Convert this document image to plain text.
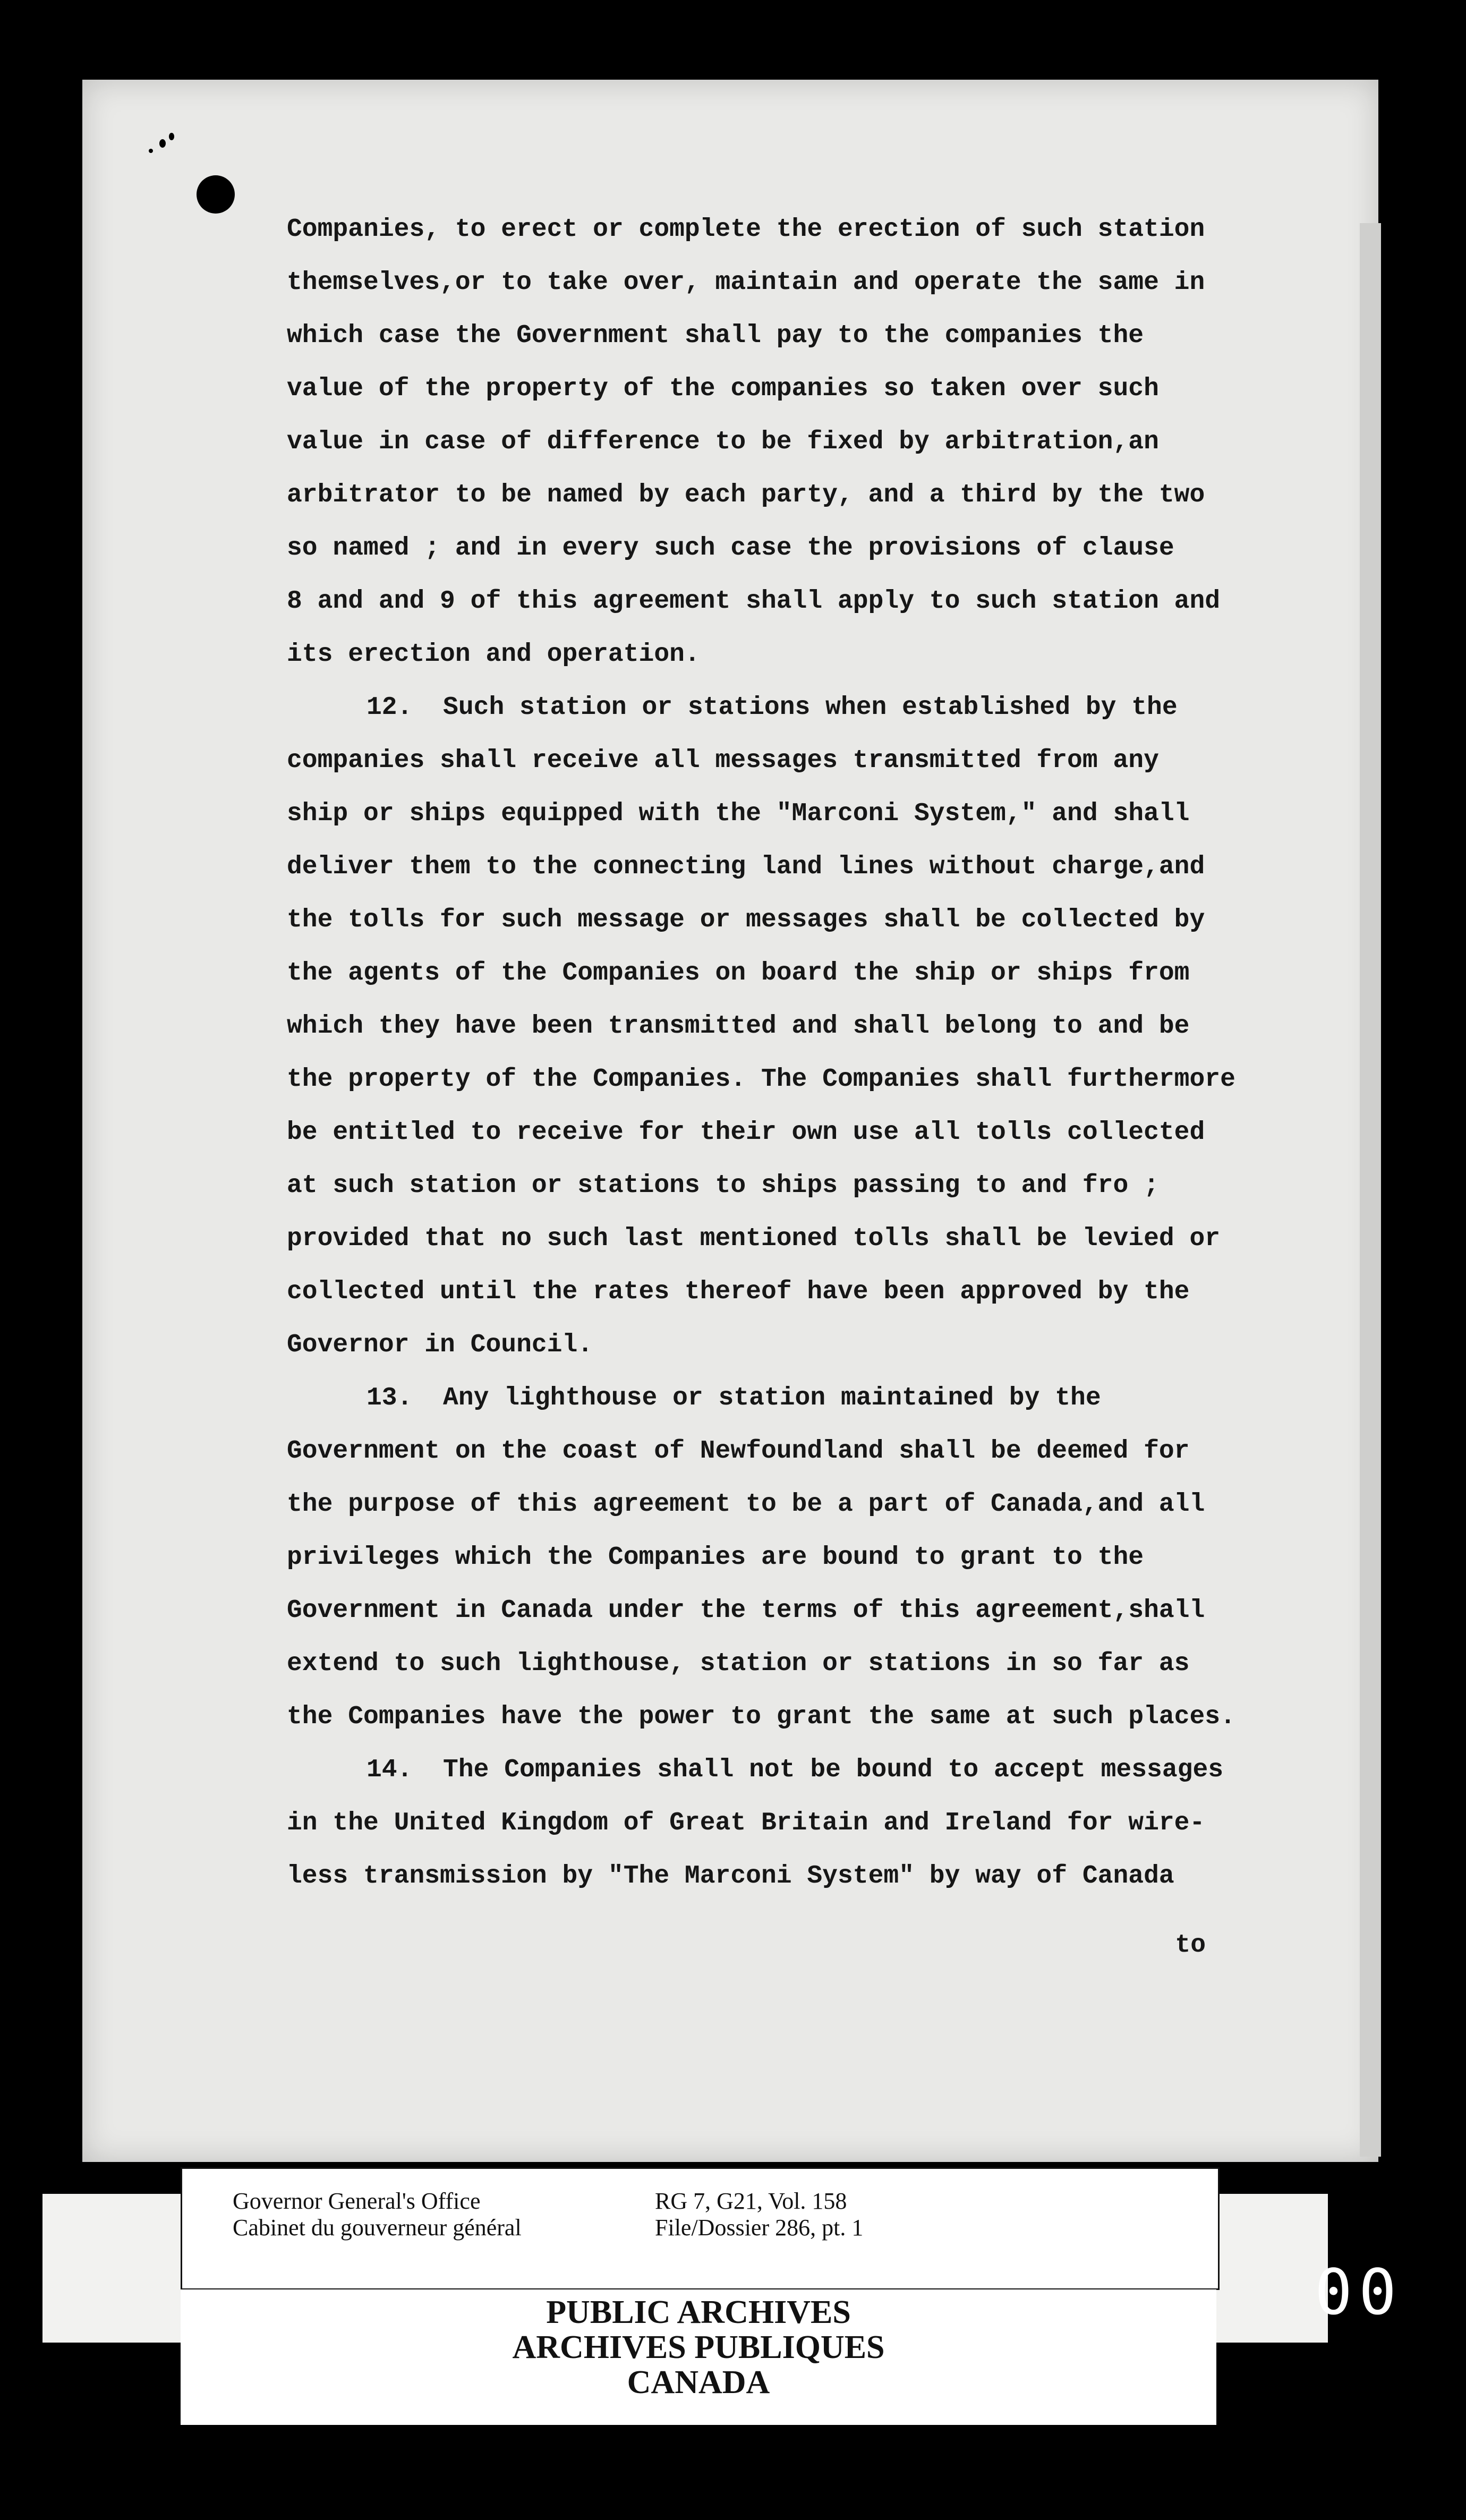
Companies, to erect or complete the erection of such station
themselves,or to take over, maintain and operate the same in
which case the Government shall pay to the companies the
value of the property of the companies so taken over such
value in case of difference to be fixed by arbitration,an
arbitrator to be named by each party, and a third by the two
so named ; and in every such case the provisions of clause
8 and and 9 of this agreement shall apply to such station and
its erection and operation.
12.  Such station or stations when established by the
companies shall receive all messages transmitted from any
ship or ships equipped with the "Marconi System," and shall
deliver them to the connecting land lines without charge,and
the tolls for such message or messages shall be collected by
the agents of the Companies on board the ship or ships from
which they have been transmitted and shall belong to and be
the property of the Companies. The Companies shall furthermore
be entitled to receive for their own use all tolls collected
at such station or stations to ships passing to and fro ;
provided that no such last mentioned tolls shall be levied or
collected until the rates thereof have been approved by the
Governor in Council.
13.  Any lighthouse or station maintained by the
Government on the coast of Newfoundland shall be deemed for
the purpose of this agreement to be a part of Canada,and all
privileges which the Companies are bound to grant to the
Government in Canada under the terms of this agreement,shall
extend to such lighthouse, station or stations in so far as
the Companies have the power to grant the same at such places.
14.  The Companies shall not be bound to accept messages
in the United Kingdom of Great Britain and Ireland for wire-
less transmission by "The Marconi System" by way of Canada
to
Governor General's Office
Cabinet du gouverneur général
RG 7, G21, Vol. 158
File/Dossier 286, pt. 1
PUBLIC ARCHIVES
ARCHIVES PUBLIQUES
CANADA
00
